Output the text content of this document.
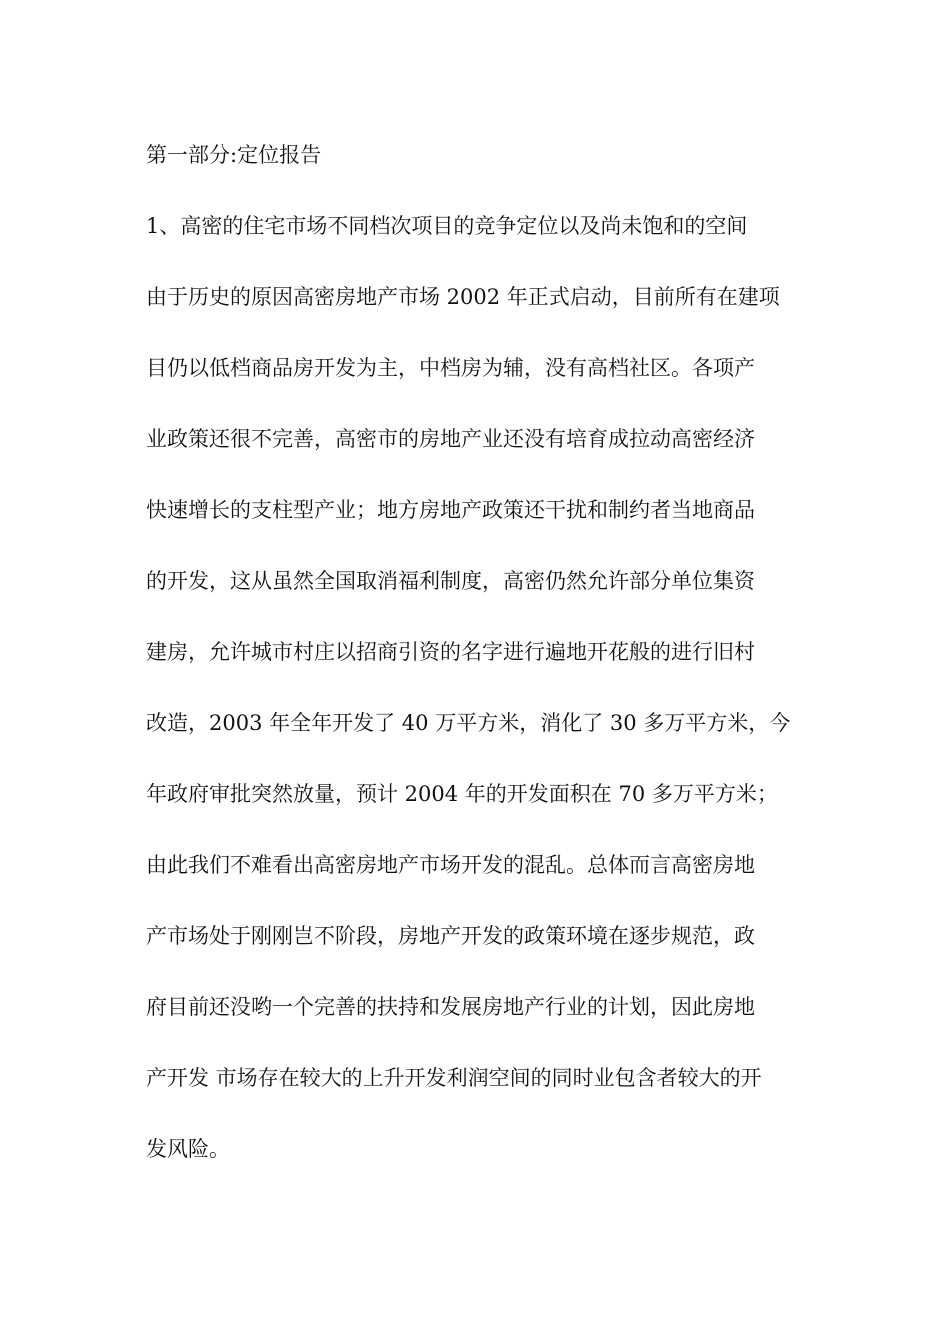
第一部分:定位报告
1、高密的住宅市场不同档次项目的竞争定位以及尚未饱和的空间
由于历史的原因高密房地产市场 2002 年正式启动，目前所有在建项
目仍以低档商品房开发为主，中档房为辅，没有高档社区。各项产
业政策还很不完善，高密市的房地产业还没有培育成拉动高密经济
快速增长的支柱型产业；地方房地产政策还干扰和制约者当地商品
的开发，这从虽然全国取消福利制度，高密仍然允许部分单位集资
建房，允许城市村庄以招商引资的名字进行遍地开花般的进行旧村
改造，2003 年全年开发了 40 万平方米，消化了 30 多万平方米，今
年政府审批突然放量，预计 2004 年的开发面积在 70 多万平方米；
由此我们不难看出高密房地产市场开发的混乱。总体而言高密房地
产市场处于刚刚岂不阶段，房地产开发的政策环境在逐步规范，政
府目前还没哟一个完善的扶持和发展房地产行业的计划，因此房地
产开发 市场存在较大的上升开发利润空间的同时业包含者较大的开
发风险。
